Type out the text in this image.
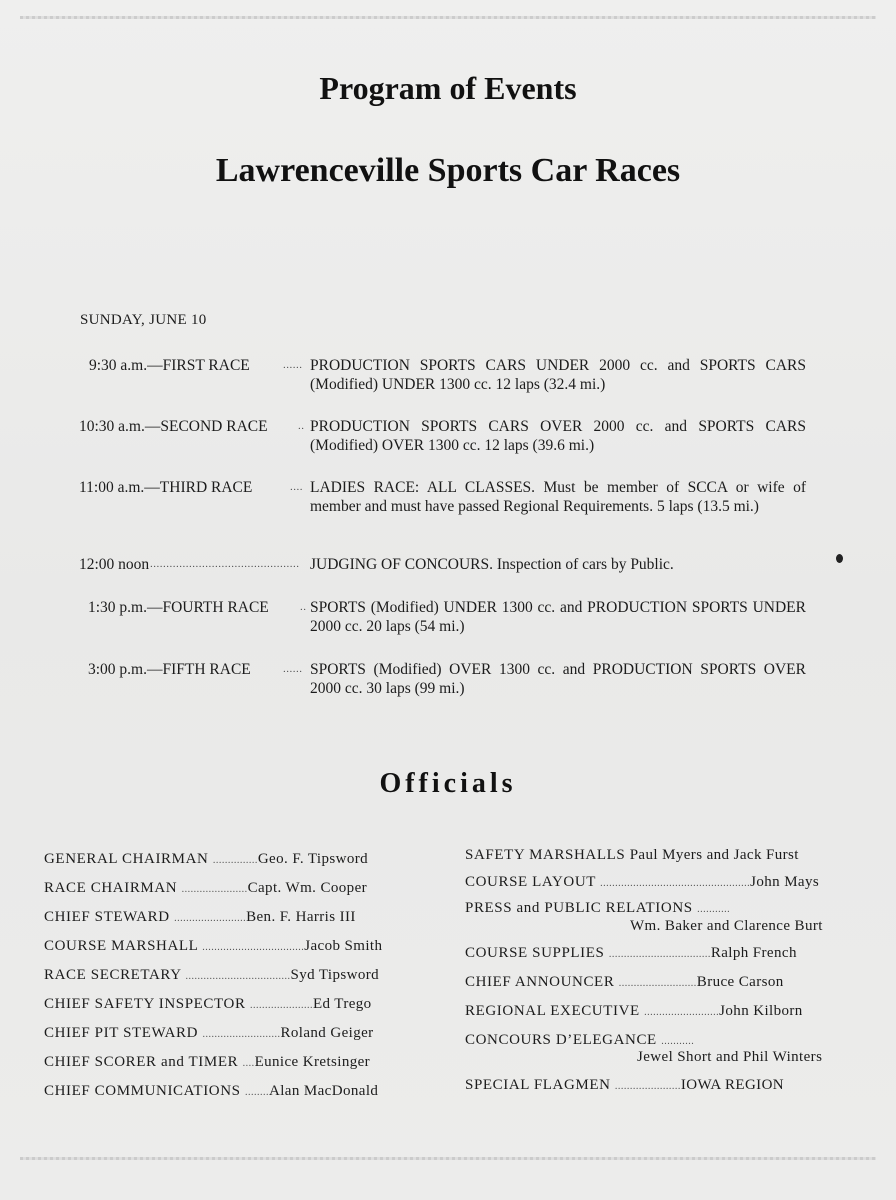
Program of Events
Lawrenceville Sports Car Races
SUNDAY, JUNE 10
9:30 a.m.—FIRST RACE	...... PRODUCTION SPORTS CARS UNDER 2000 cc. and SPORTS CARS (Modified) UNDER 1300 cc. 12 laps (32.4 mi.)
10:30 a.m.—SECOND RACE	.. PRODUCTION SPORTS CARS OVER 2000 cc. and SPORTS CARS (Modified) OVER 1300 cc. 12 laps (39.6 mi.)
11:00 a.m.—THIRD RACE	.... LADIES RACE: ALL CLASSES. Must be member of SCCA or wife of member and must have passed Regional Requirements. 5 laps (13.5 mi.)
12:00 noon .............................................. JUDGING OF CONCOURS. Inspection of cars by Public.
1:30 p.m.—FOURTH RACE	.. SPORTS (Modified) UNDER 1300 cc. and PRODUCTION SPORTS UNDER 2000 cc. 20 laps (54 mi.)
3:00 p.m.—FIFTH RACE	...... SPORTS (Modified) OVER 1300 cc. and PRODUCTION SPORTS OVER 2000 cc. 30 laps (99 mi.)
Officials
GENERAL CHAIRMAN ...............Geo. F. Tipsword
RACE CHAIRMAN ......................Capt. Wm. Cooper
CHIEF STEWARD ........................Ben. F. Harris III
COURSE MARSHALL ..................................Jacob Smith
RACE SECRETARY ...................................Syd Tipsword
CHIEF SAFETY INSPECTOR .....................Ed Trego
CHIEF PIT STEWARD ..........................Roland Geiger
CHIEF SCORER and TIMER ....Eunice Kretsinger
CHIEF COMMUNICATIONS ........Alan MacDonald
SAFETY MARSHALLS Paul Myers and Jack Furst
COURSE LAYOUT ..................................................John Mays
PRESS and PUBLIC RELATIONS ...........
Wm. Baker and Clarence Burt
COURSE SUPPLIES ..................................Ralph French
CHIEF ANNOUNCER ..........................Bruce Carson
REGIONAL EXECUTIVE .........................John Kilborn
CONCOURS D’ELEGANCE ...........
Jewel Short and Phil Winters
SPECIAL FLAGMEN ......................IOWA REGION
